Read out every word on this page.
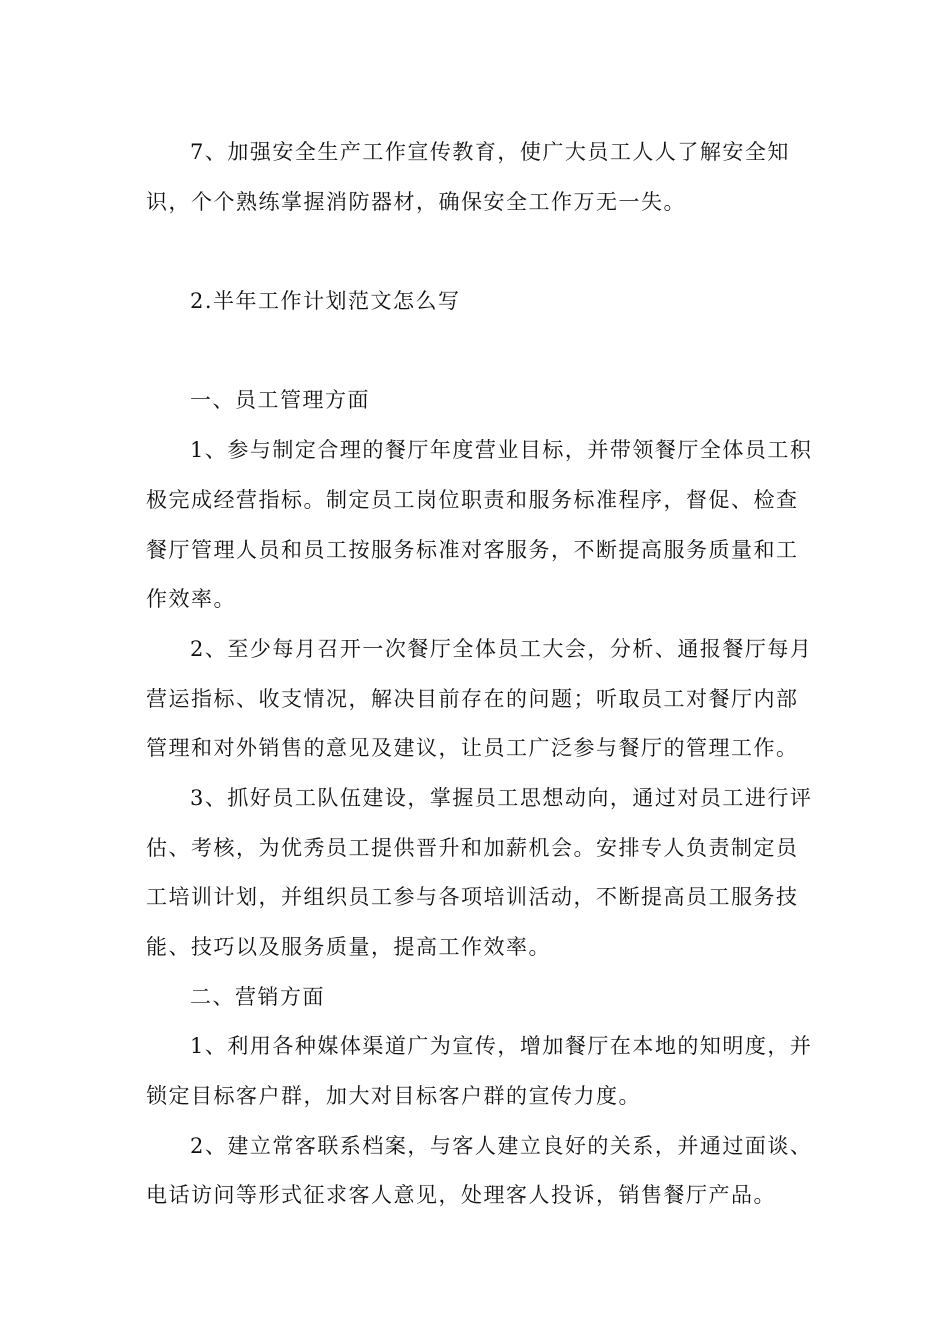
7、加强安全生产工作宣传教育，使广大员工人人了解安全知
识，个个熟练掌握消防器材，确保安全工作万无一失。
2.半年工作计划范文怎么写
一、员工管理方面
1、参与制定合理的餐厅年度营业目标，并带领餐厅全体员工积
极完成经营指标。制定员工岗位职责和服务标准程序，督促、检查
餐厅管理人员和员工按服务标准对客服务，不断提高服务质量和工
作效率。
2、至少每月召开一次餐厅全体员工大会，分析、通报餐厅每月
营运指标、收支情况，解决目前存在的问题；听取员工对餐厅内部
管理和对外销售的意见及建议，让员工广泛参与餐厅的管理工作。
3、抓好员工队伍建设，掌握员工思想动向，通过对员工进行评
估、考核，为优秀员工提供晋升和加薪机会。安排专人负责制定员
工培训计划，并组织员工参与各项培训活动，不断提高员工服务技
能、技巧以及服务质量，提高工作效率。
二、营销方面
1、利用各种媒体渠道广为宣传，增加餐厅在本地的知明度，并
锁定目标客户群，加大对目标客户群的宣传力度。
2、建立常客联系档案，与客人建立良好的关系，并通过面谈、
电话访问等形式征求客人意见，处理客人投诉，销售餐厅产品。
